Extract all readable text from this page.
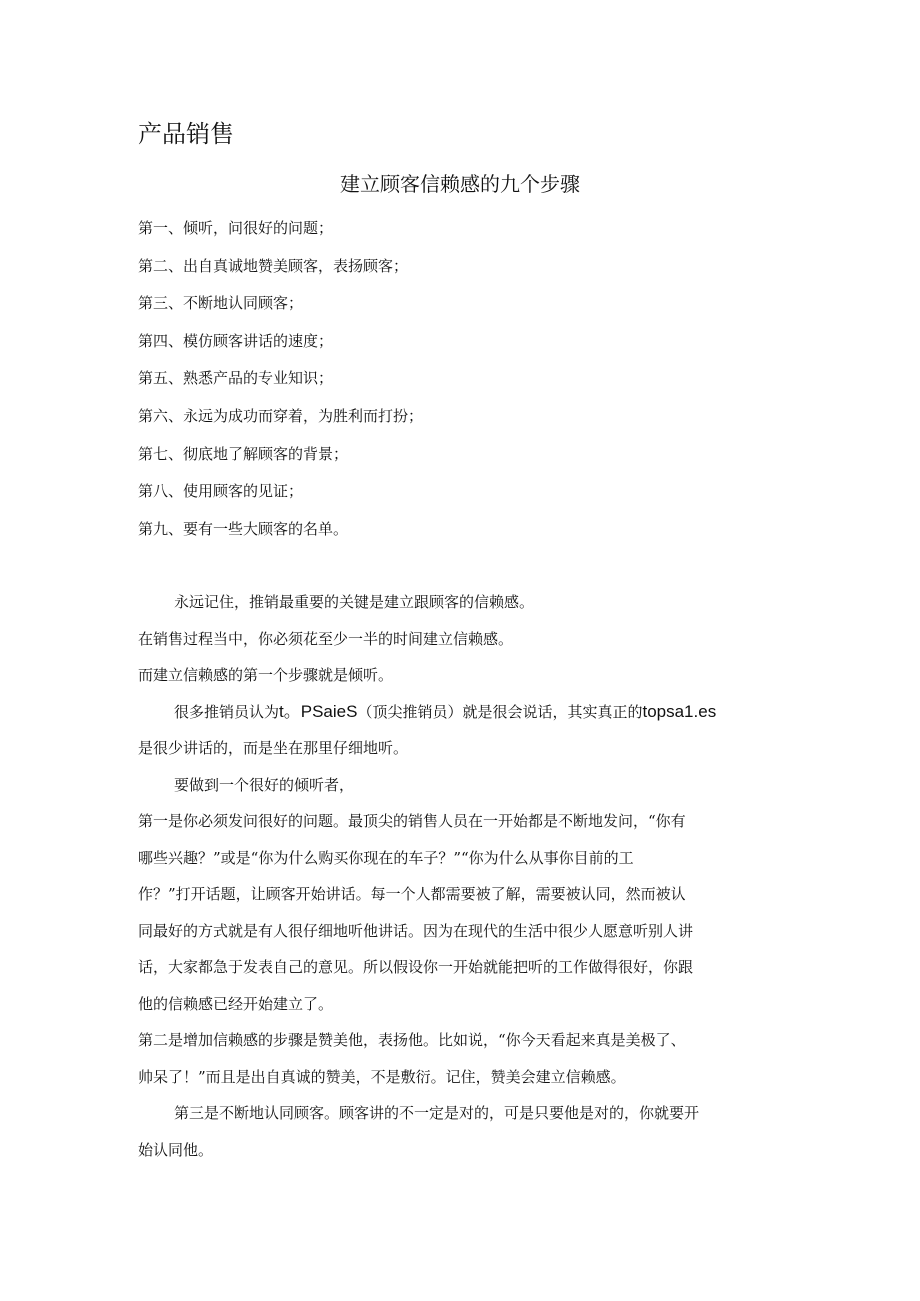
产品销售
建立顾客信赖感的九个步骤
第一、倾听，问很好的问题；
第二、出自真诚地赞美顾客，表扬顾客；
第三、不断地认同顾客；
第四、模仿顾客讲话的速度；
第五、熟悉产品的专业知识；
第六、永远为成功而穿着，为胜利而打扮；
第七、彻底地了解顾客的背景；
第八、使用顾客的见证；
第九、要有一些大顾客的名单。
永远记住，推销最重要的关键是建立跟顾客的信赖感。
在销售过程当中，你必须花至少一半的时间建立信赖感。
而建立信赖感的第一个步骤就是倾听。
很多推销员认为t。PSaieS（顶尖推销员）就是很会说话，其实真正的topsa1.es
是很少讲话的，而是坐在那里仔细地听。
要做到一个很好的倾听者，
第一是你必须发问很好的问题。最顶尖的销售人员在一开始都是不断地发问，“你有
哪些兴趣？”或是“你为什么购买你现在的车子？”“你为什么从事你目前的工
作？”打开话题，让顾客开始讲话。每一个人都需要被了解，需要被认同，然而被认
同最好的方式就是有人很仔细地听他讲话。因为在现代的生活中很少人愿意听别人讲
话，大家都急于发表自己的意见。所以假设你一开始就能把听的工作做得很好，你跟
他的信赖感已经开始建立了。
第二是增加信赖感的步骤是赞美他，表扬他。比如说，“你今天看起来真是美极了、
帅呆了！”而且是出自真诚的赞美，不是敷衍。记住，赞美会建立信赖感。
第三是不断地认同顾客。顾客讲的不一定是对的，可是只要他是对的，你就要开
始认同他。
